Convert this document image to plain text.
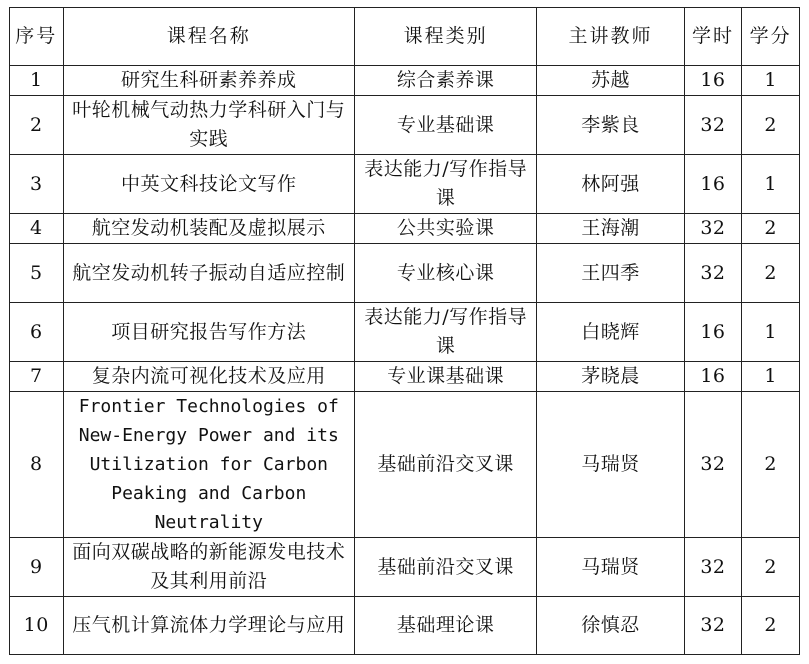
序号	课程名称	课程类别	主讲教师	学时	学分
1	研究生科研素养养成	综合素养课	苏越	16	1
2	叶轮机械气动热力学科研入门与实践	专业基础课	李紫良	32	2
3	中英文科技论文写作	表达能力/写作指导课	林阿强	16	1
4	航空发动机装配及虚拟展示	公共实验课	王海潮	32	2
5	航空发动机转子振动自适应控制	专业核心课	王四季	32	2
6	项目研究报告写作方法	表达能力/写作指导课	白晓辉	16	1
7	复杂内流可视化技术及应用	专业课基础课	茅晓晨	16	1
8	Frontier Technologies of New-Energy Power and its Utilization for Carbon Peaking and Carbon Neutrality	基础前沿交叉课	马瑞贤	32	2
9	面向双碳战略的新能源发电技术及其利用前沿	基础前沿交叉课	马瑞贤	32	2
10	压气机计算流体力学理论与应用	基础理论课	徐慎忍	32	2
